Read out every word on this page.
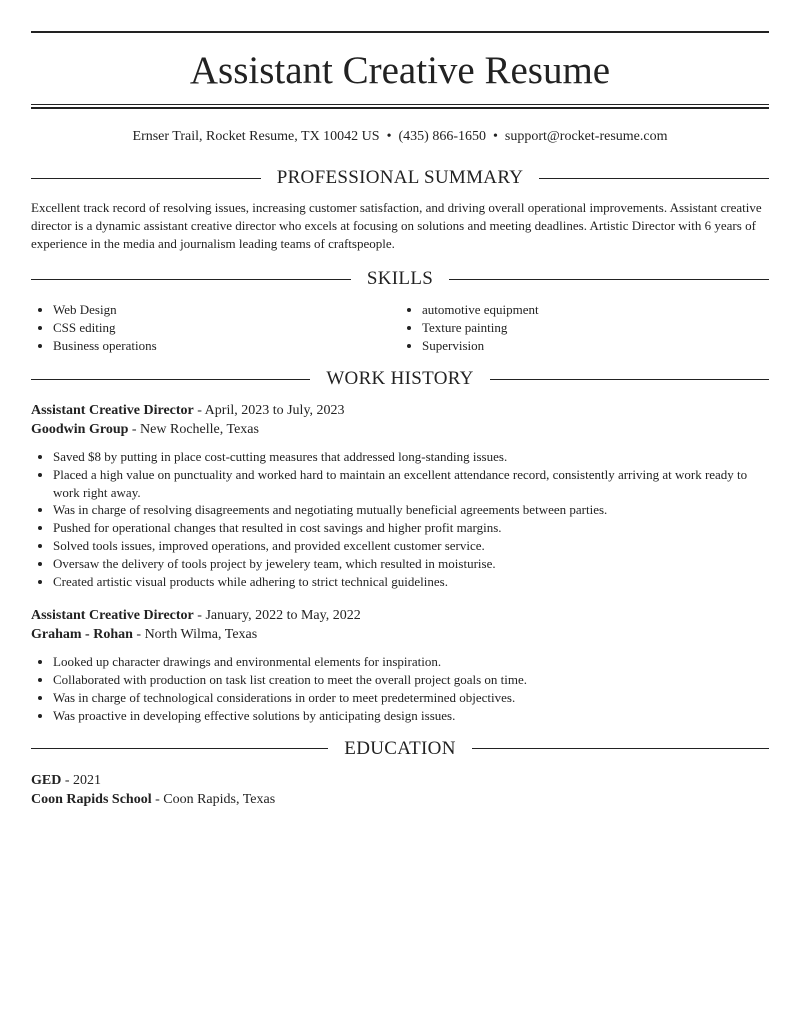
Assistant Creative Resume
Ernser Trail, Rocket Resume, TX 10042 US • (435) 866-1650 • support@rocket-resume.com
PROFESSIONAL SUMMARY

Excellent track record of resolving issues, increasing customer satisfaction, and driving overall operational improvements. Assistant creative director is a dynamic assistant creative director who excels at focusing on solutions and meeting deadlines. Artistic Director with 6 years of experience in the media and journalism leading teams of craftspeople.

SKILLS
• Web Design
• CSS editing
• Business operations
• automotive equipment
• Texture painting
• Supervision
WORK HISTORY

Assistant Creative Director - April, 2023 to July, 2023

Goodwin Group - New Rochelle, Texas

• Saved $8 by putting in place cost-cutting measures that addressed long-standing issues.
• Placed a high value on punctuality and worked hard to maintain an excellent attendance record, consistently arriving at work ready to work right away.
• Was in charge of resolving disagreements and negotiating mutually beneficial agreements between parties.
• Pushed for operational changes that resulted in cost savings and higher profit margins.
• Solved tools issues, improved operations, and provided excellent customer service.
• Oversaw the delivery of tools project by jewelery team, which resulted in moisturise.
• Created artistic visual products while adhering to strict technical guidelines.

Assistant Creative Director - January, 2022 to May, 2022

Graham - Rohan - North Wilma, Texas

• Looked up character drawings and environmental elements for inspiration.
• Collaborated with production on task list creation to meet the overall project goals on time.
• Was in charge of technological considerations in order to meet predetermined objectives.
• Was proactive in developing effective solutions by anticipating design issues.
EDUCATION

GED - 2021

Coon Rapids School - Coon Rapids, Texas
